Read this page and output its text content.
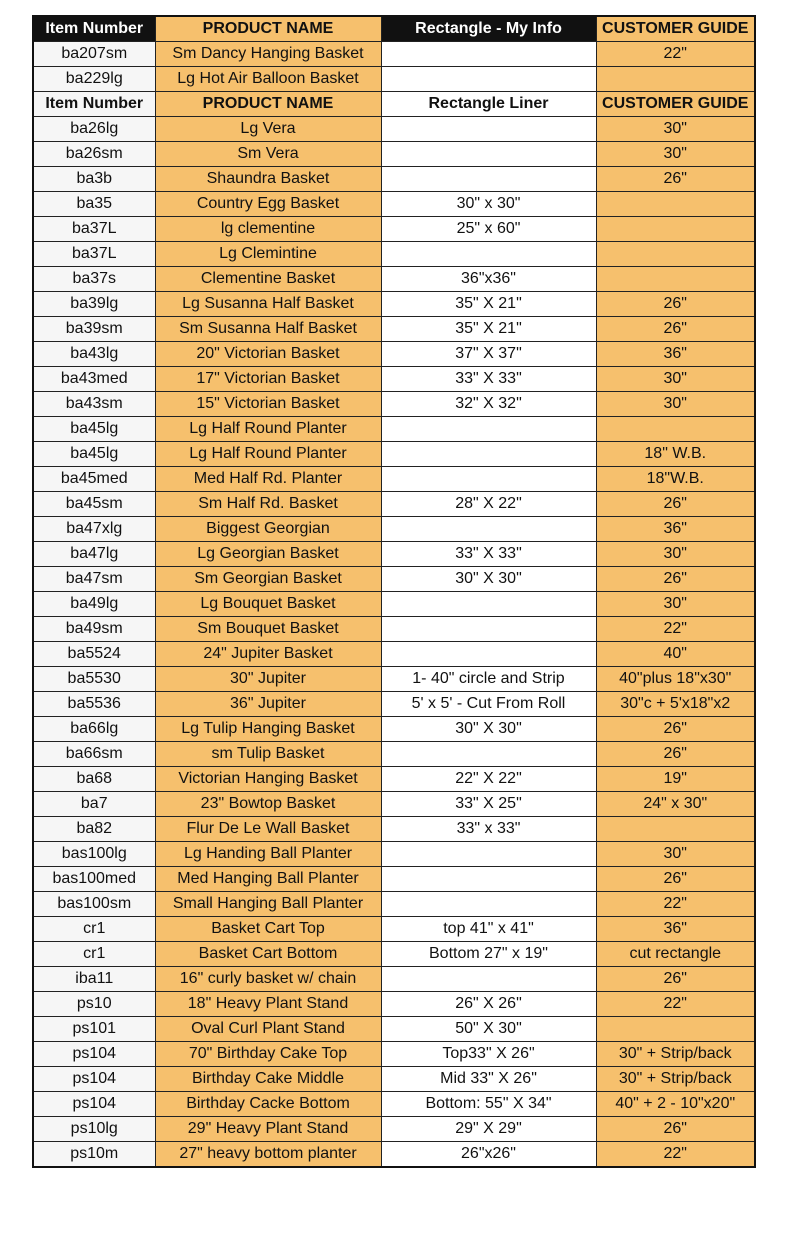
Item Number	PRODUCT NAME	Rectangle - My Info	CUSTOMER GUIDE
ba207sm	Sm Dancy Hanging Basket		22"
ba229lg	Lg Hot Air Balloon Basket		
Item Number	PRODUCT NAME	Rectangle Liner	CUSTOMER GUIDE
ba26lg	Lg Vera		30"
ba26sm	Sm Vera		30"
ba3b	Shaundra Basket		26"
ba35	Country Egg Basket	30" x 30"	
ba37L	lg clementine	25" x 60"	
ba37L	Lg Clemintine		
ba37s	Clementine Basket	36"x36"	
ba39lg	Lg Susanna Half Basket	35" X 21"	26"
ba39sm	Sm Susanna Half Basket	35" X 21"	26"
ba43lg	20" Victorian Basket	37" X 37"	36"
ba43med	17" Victorian Basket	33" X 33"	30"
ba43sm	15" Victorian Basket	32" X 32"	30"
ba45lg	Lg Half Round Planter		
ba45lg	Lg Half Round Planter		18" W.B.
ba45med	Med Half Rd. Planter		18"W.B.
ba45sm	Sm Half Rd. Basket	28" X 22"	26"
ba47xlg	Biggest Georgian		36"
ba47lg	Lg Georgian Basket	33" X 33"	30"
ba47sm	Sm Georgian Basket	30" X 30"	26"
ba49lg	Lg Bouquet Basket		30"
ba49sm	Sm Bouquet Basket		22"
ba5524	24" Jupiter Basket		40"
ba5530	30" Jupiter	1- 40" circle and Strip	40"plus 18"x30"
ba5536	36" Jupiter	5' x 5' - Cut From Roll	30"c + 5'x18"x2
ba66lg	Lg Tulip Hanging Basket	30" X 30"	26"
ba66sm	sm Tulip Basket		26"
ba68	Victorian Hanging Basket	22" X 22"	19"
ba7	23" Bowtop Basket	33" X 25"	24" x 30"
ba82	Flur De Le Wall Basket	33" x 33"	
bas100lg	Lg Handing Ball Planter		30"
bas100med	Med Hanging Ball Planter		26"
bas100sm	Small Hanging Ball Planter		22"
cr1	Basket Cart Top	top 41" x 41"	36"
cr1	Basket Cart Bottom	Bottom 27" x 19"	cut rectangle
iba11	16" curly basket w/ chain		26"
ps10	18" Heavy Plant Stand	26" X 26"	22"
ps101	Oval Curl Plant Stand	50" X 30"	
ps104	70" Birthday Cake Top	Top33" X 26"	30" + Strip/back
ps104	Birthday Cake Middle	Mid 33" X 26"	30" + Strip/back
ps104	Birthday Cacke Bottom	Bottom: 55" X 34"	40" + 2 - 10"x20"
ps10lg	29" Heavy Plant Stand	29" X 29"	26"
ps10m	27" heavy bottom planter	26"x26"	22"
